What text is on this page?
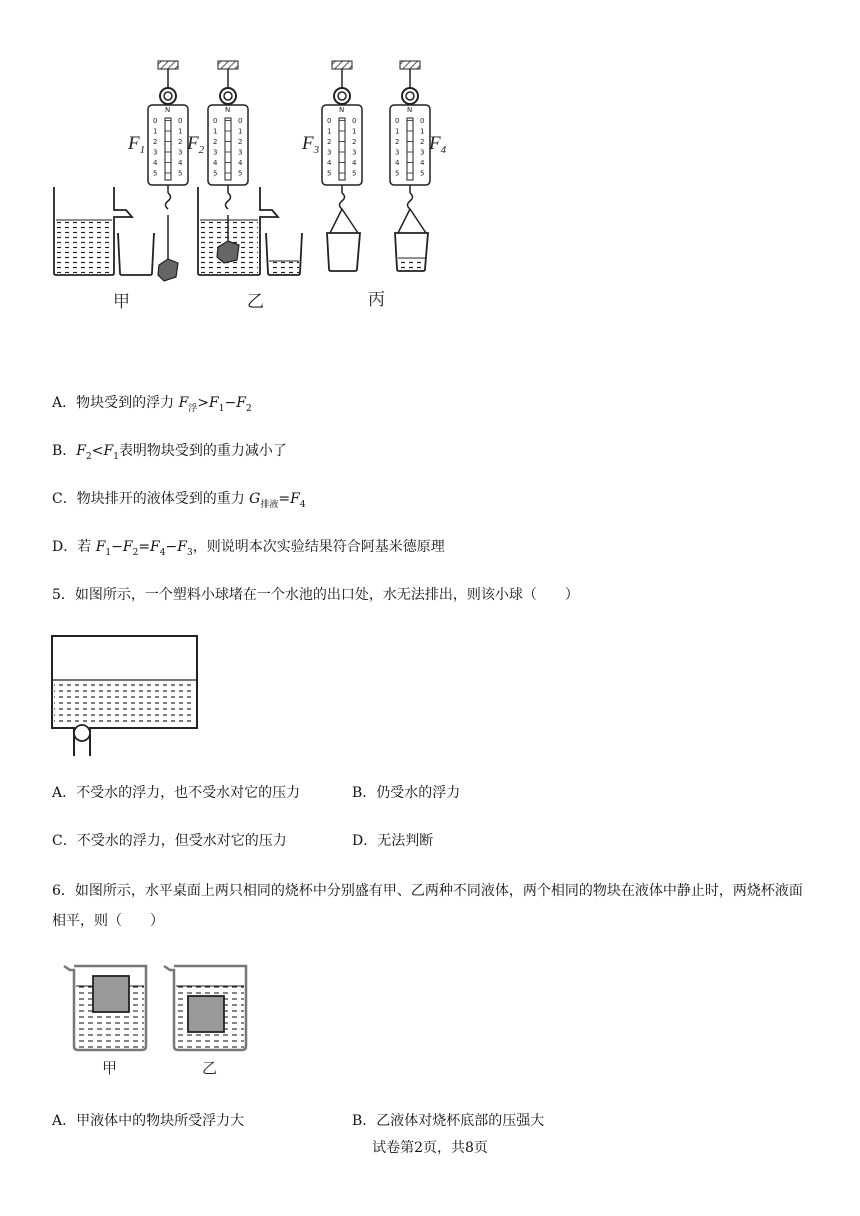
N	N	N	N
0	0
1	1
2	2
3	3
4	4
5	5
0	0
1	1
2	2
3	3
4	4
5	5
0	0
1	1
2	2
3	3
4	4
5	5
0	0
1	1
2	2
3	3
4	4
5	5
$F_1$ $F_2$	$F_3$	$F_4$
甲	乙	丙
A．物块受到的浮力 $F_浮>F_1-F_2$
B．$F_2<F_1$表明物块受到的重力减小了
C．物块排开的液体受到的重力 $G_{排液}=F_4$
D．若 $F_1-F_2=F_4-F_3$，则说明本次实验结果符合阿基米德原理
5．如图所示，一个塑料小球堵在一个水池的出口处，水无法排出，则该小球（　　）
A．不受水的浮力，也不受水对它的压力	B．仍受水的浮力
C．不受水的浮力，但受水对它的压力	D．无法判断
6．如图所示，水平桌面上两只相同的烧杯中分别盛有甲、乙两种不同液体，两个相同的物块在液体中静止时，两烧杯液面相平，则（　　）
甲	乙
A．甲液体中的物块所受浮力大	B．乙液体对烧杯底部的压强大
试卷第2页，共8页
